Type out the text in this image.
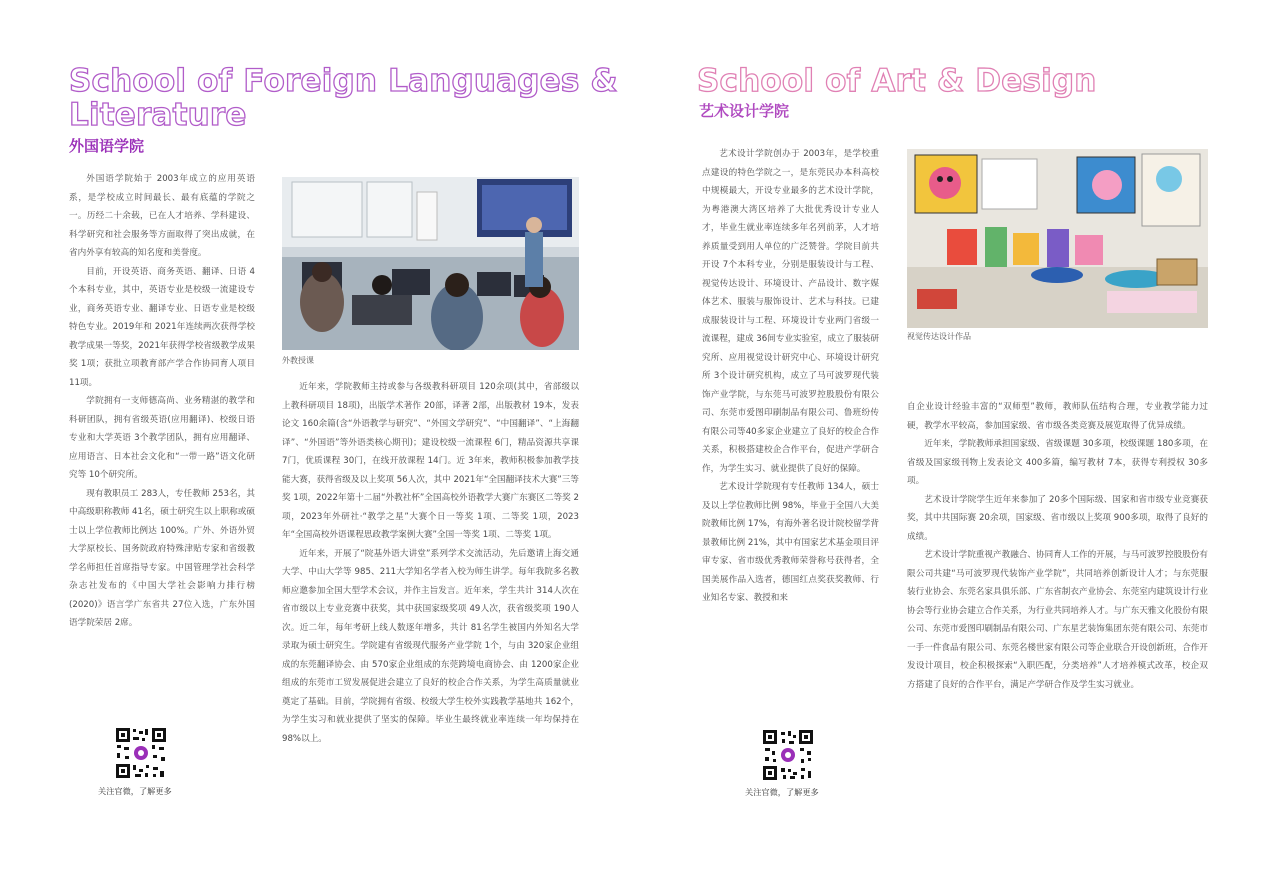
School of Foreign Languages &
Literature
外国语学院

外国语学院始于 2003年成立的应用英语系，是学校成立时间最长、最有底蕴的学院之一。历经二十余载，已在人才培养、学科建设、科学研究和社会服务等方面取得了突出成就，在省内外享有较高的知名度和美誉度。

目前，开设英语、商务英语、翻译、日语 4个本科专业，其中，英语专业是校级一流建设专业，商务英语专业、翻译专业、日语专业是校级特色专业。2019年和 2021年连续两次获得学校教学成果一等奖，2021年获得学校省级教学成果奖 1项；获批立项教育部产学合作协同育人项目 11项。

学院拥有一支师德高尚、业务精湛的教学和科研团队，拥有省级英语(应用翻译)、校级日语专业和大学英语 3个教学团队，拥有应用翻译、应用语言、日本社会文化和“一带一路”语文化研究等 10个研究所。

现有教职员工 283人，专任教师 253名，其中高级职称教师 41名，硕士研究生以上职称或硕士以上学位教师比例达 100%。广外、外语外贸大学原校长、国务院政府特殊津贴专家和省级教学名师担任首席指导专家。中国管理学社会科学杂志社发布的《中国大学社会影响力排行榜(2020)》语言学广东省共 27位入选，广东外国语学院荣居 2席。

外教授课

近年来，学院教师主持或参与各级教科研项目 120余项(其中，省部级以上教科研项目 18项)，出版学术著作 20部，译著 2部，出版教材 19本，发表论文 160余篇(含“外语教学与研究”、“外国文学研究”、“中国翻译”、“上海翻译”、“外国语”等外语类核心期刊)；建设校级一流课程 6门，精品资源共享课 7门，优质课程 30门，在线开放课程 14门。近 3年来，教师积极参加教学技能大赛，获得省级及以上奖项 56人次，其中 2021年“全国翻译技术大赛”三等奖 1项，2022年第十二届“外教社杯”全国高校外语教学大赛广东赛区二等奖 2项，2023年外研社·“教学之星”大赛个日一等奖 1项、二等奖 1项，2023年“全国高校外语课程思政教学案例大赛”全国一等奖 1项、二等奖 1项。

近年来，开展了“院基外语大讲堂”系列学术交流活动，先后邀请上海交通大学、中山大学等 985、211大学知名学者入校为师生讲学。每年我院多名教师应邀参加全国大型学术会议，并作主旨发言。近年来，学生共计 314人次在省市级以上专业竞赛中获奖，其中获国家级奖项 49人次，获省级奖项 190人次。近二年，每年考研上线人数逐年增多，共计 81名学生被国内外知名大学录取为硕士研究生。学院建有省级现代服务产业学院 1个，与由 320家企业组成的东莞翻译协会、由 570家企业组成的东莞跨境电商协会、由 1200家企业组成的东莞市工贸发展促进会建立了良好的校企合作关系，为学生高质量就业奠定了基础。目前，学院拥有省级、校级大学生校外实践教学基地共 162个，为学生实习和就业提供了坚实的保障。毕业生最终就业率连续一年均保持在 98%以上。

关注官微，了解更多
School of Art & Design
艺术设计学院

艺术设计学院创办于 2003年，是学校重点建设的特色学院之一，是东莞民办本科高校中规模最大，开设专业最多的艺术设计学院，为粤港澳大湾区培养了大批优秀设计专业人才，毕业生就业率连续多年名列前茅，人才培养质量受到用人单位的广泛赞誉。学院目前共开设 7个本科专业，分别是服装设计与工程、视觉传达设计、环境设计、产品设计、数字媒体艺术、服装与服饰设计、艺术与科技。已建成服装设计与工程、环境设计专业两门省级一流课程，建成 36间专业实验室，成立了服装研究所、应用视觉设计研究中心、环境设计研究所 3个设计研究机构，成立了马可波罗现代装饰产业学院，与东莞马可波罗控股股份有限公司、东莞市爱图印刷制品有限公司、鲁班纷传有限公司等40多家企业建立了良好的校企合作关系，积极搭建校企合作平台，促进产学研合作，为学生实习、就业提供了良好的保障。

艺术设计学院现有专任教师 134人，硕士及以上学位教师比例 98%，毕业于全国八大美院教师比例 17%，有海外著名设计院校留学背景教师比例 21%，其中有国家艺术基金项目评审专家、省市级优秀教师荣誉称号获得者，全国美展作品入选者，德国红点奖获奖教师、行业知名专家、教授和来

视觉传达设计作品

自企业设计经验丰富的“双师型”教师，教师队伍结构合理，专业教学能力过硬，教学水平较高，参加国家级、省市级各类竞赛及展览取得了优异成绩。

近年来，学院教师承担国家级、省级课题 30多项，校级课题 180多项，在省级及国家级刊物上发表论文 400多篇，编写教材 7本，获得专利授权 30多项。

艺术设计学院学生近年来参加了 20多个国际级、国家和省市级专业竞赛获奖，其中共国际赛 20余项，国家级、省市级以上奖项 900多项，取得了良好的成绩。

艺术设计学院重视产教融合、协同育人工作的开展，与马可波罗控股股份有限公司共建“马可波罗现代装饰产业学院”，共同培养创新设计人才；与东莞服装行业协会、东莞名家具俱乐部、广东省制衣产业协会、东莞室内建筑设计行业协会等行业协会建立合作关系，为行业共同培养人才。与广东天雅文化股份有限公司、东莞市爱图印刷制品有限公司、广东星艺装饰集团东莞有限公司、东莞市一手一件食品有限公司、东莞名楼世家有限公司等企业联合开设创新班，合作开发设计项目，校企积极探索“入职匹配，分类培养”人才培养模式改革，校企双方搭建了良好的合作平台，满足产学研合作及学生实习就业。

关注官微，了解更多
